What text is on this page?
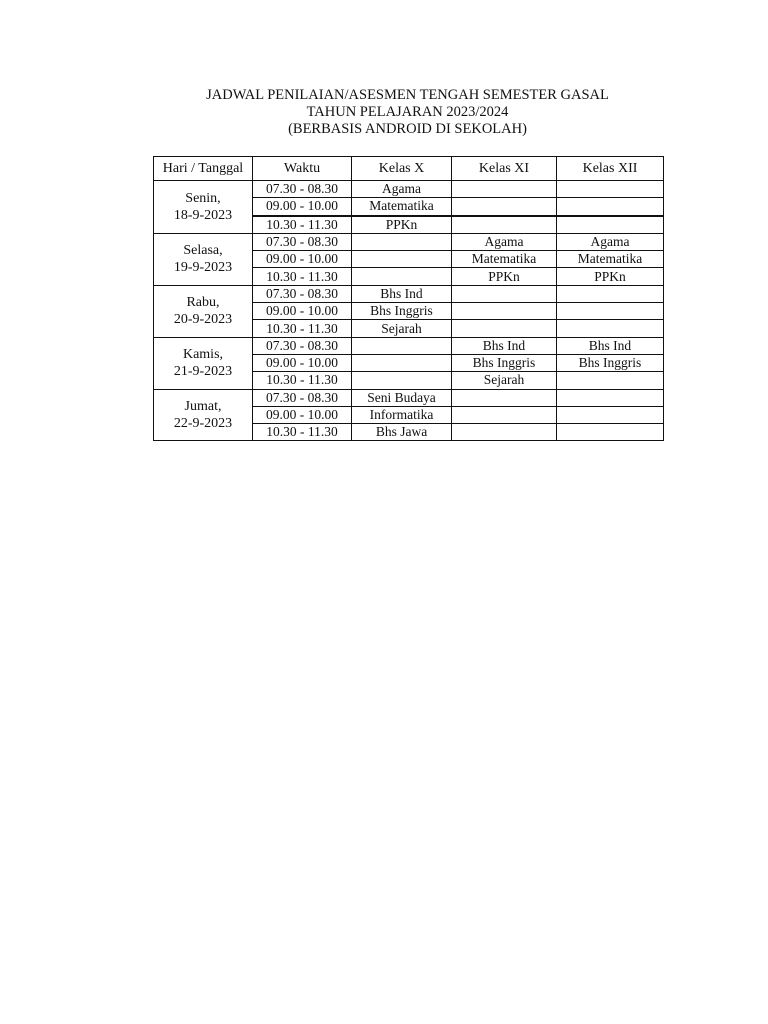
JADWAL PENILAIAN/ASESMEN TENGAH SEMESTER GASAL
TAHUN PELAJARAN 2023/2024
(BERBASIS ANDROID DI SEKOLAH)
Hari / Tanggal	Waktu	Kelas X	Kelas XI	Kelas XII

Senin,
18-9-2023	07.30 - 08.30	Agama		
	09.00 - 10.00	Matematika		
	10.30 - 11.30	PPKn		

Selasa,
19-9-2023	07.30 - 08.30		Agama	Agama
	09.00 - 10.00		Matematika	Matematika
	10.30 - 11.30		PPKn	PPKn

Rabu,
20-9-2023	07.30 - 08.30	Bhs Ind		
	09.00 - 10.00	Bhs Inggris		
	10.30 - 11.30	Sejarah		

Kamis,
21-9-2023	07.30 - 08.30		Bhs Ind	Bhs Ind
	09.00 - 10.00		Bhs Inggris	Bhs Inggris
	10.30 - 11.30		Sejarah	

Jumat,
22-9-2023	07.30 - 08.30	Seni Budaya		
	09.00 - 10.00	Informatika		
	10.30 - 11.30	Bhs Jawa		
